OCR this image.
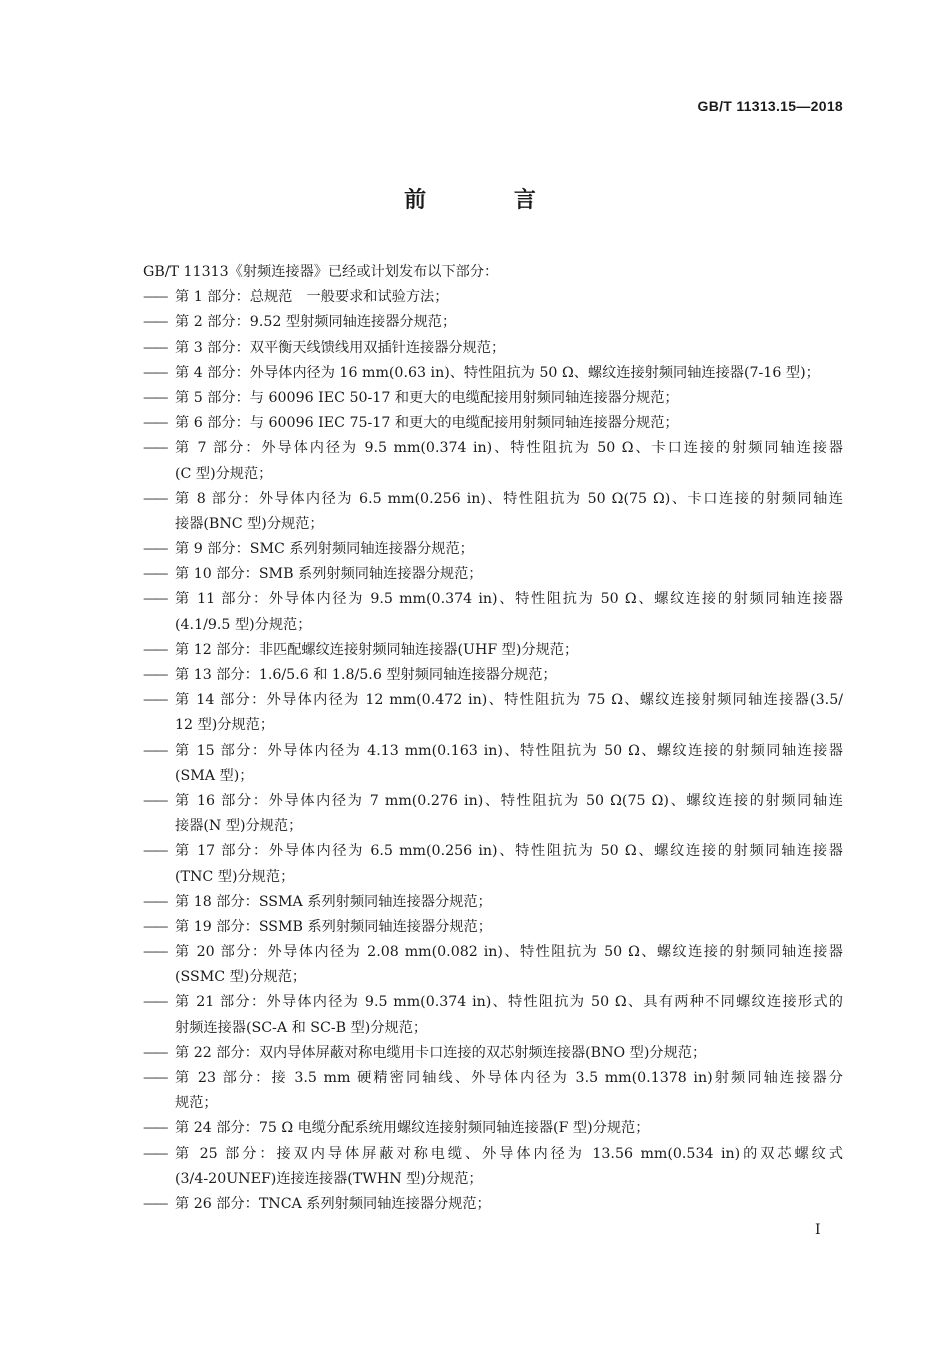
GB/T 11313.15—2018
前 言
GB/T 11313《射频连接器》已经或计划发布以下部分：
—— 第 1 部分：总规范　一般要求和试验方法；
—— 第 2 部分：9.52 型射频同轴连接器分规范；
—— 第 3 部分：双平衡天线馈线用双插针连接器分规范；
—— 第 4 部分：外导体内径为 16 mm(0.63 in)、特性阻抗为 50 Ω、螺纹连接射频同轴连接器(7-16 型)；
—— 第 5 部分：与 60096 IEC 50-17 和更大的电缆配接用射频同轴连接器分规范；
—— 第 6 部分：与 60096 IEC 75-17 和更大的电缆配接用射频同轴连接器分规范；
—— 第 7 部分：外导体内径为 9.5 mm(0.374 in)、特性阻抗为 50 Ω、卡口连接的射频同轴连接器
(C 型)分规范；
—— 第 8 部分：外导体内径为 6.5 mm(0.256 in)、特性阻抗为 50 Ω(75 Ω)、卡口连接的射频同轴连
接器(BNC 型)分规范；
—— 第 9 部分：SMC 系列射频同轴连接器分规范；
—— 第 10 部分：SMB 系列射频同轴连接器分规范；
—— 第 11 部分：外导体内径为 9.5 mm(0.374 in)、特性阻抗为 50 Ω、螺纹连接的射频同轴连接器
(4.1/9.5 型)分规范；
—— 第 12 部分：非匹配螺纹连接射频同轴连接器(UHF 型)分规范；
—— 第 13 部分：1.6/5.6 和 1.8/5.6 型射频同轴连接器分规范；
—— 第 14 部分：外导体内径为 12 mm(0.472 in)、特性阻抗为 75 Ω、螺纹连接射频同轴连接器(3.5/
12 型)分规范；
—— 第 15 部分：外导体内径为 4.13 mm(0.163 in)、特性阻抗为 50 Ω、螺纹连接的射频同轴连接器
(SMA 型)；
—— 第 16 部分：外导体内径为 7 mm(0.276 in)、特性阻抗为 50 Ω(75 Ω)、螺纹连接的射频同轴连
接器(N 型)分规范；
—— 第 17 部分：外导体内径为 6.5 mm(0.256 in)、特性阻抗为 50 Ω、螺纹连接的射频同轴连接器
(TNC 型)分规范；
—— 第 18 部分：SSMA 系列射频同轴连接器分规范；
—— 第 19 部分：SSMB 系列射频同轴连接器分规范；
—— 第 20 部分：外导体内径为 2.08 mm(0.082 in)、特性阻抗为 50 Ω、螺纹连接的射频同轴连接器
(SSMC 型)分规范；
—— 第 21 部分：外导体内径为 9.5 mm(0.374 in)、特性阻抗为 50 Ω、具有两种不同螺纹连接形式的
射频连接器(SC-A 和 SC-B 型)分规范；
—— 第 22 部分：双内导体屏蔽对称电缆用卡口连接的双芯射频连接器(BNO 型)分规范；
—— 第 23 部分：接 3.5 mm 硬精密同轴线、外导体内径为 3.5 mm(0.1378 in)射频同轴连接器分
规范；
—— 第 24 部分：75 Ω 电缆分配系统用螺纹连接射频同轴连接器(F 型)分规范；
—— 第 25 部分：接双内导体屏蔽对称电缆、外导体内径为 13.56 mm(0.534 in)的双芯螺纹式
(3/4-20UNEF)连接连接器(TWHN 型)分规范；
—— 第 26 部分：TNCA 系列射频同轴连接器分规范；
I
